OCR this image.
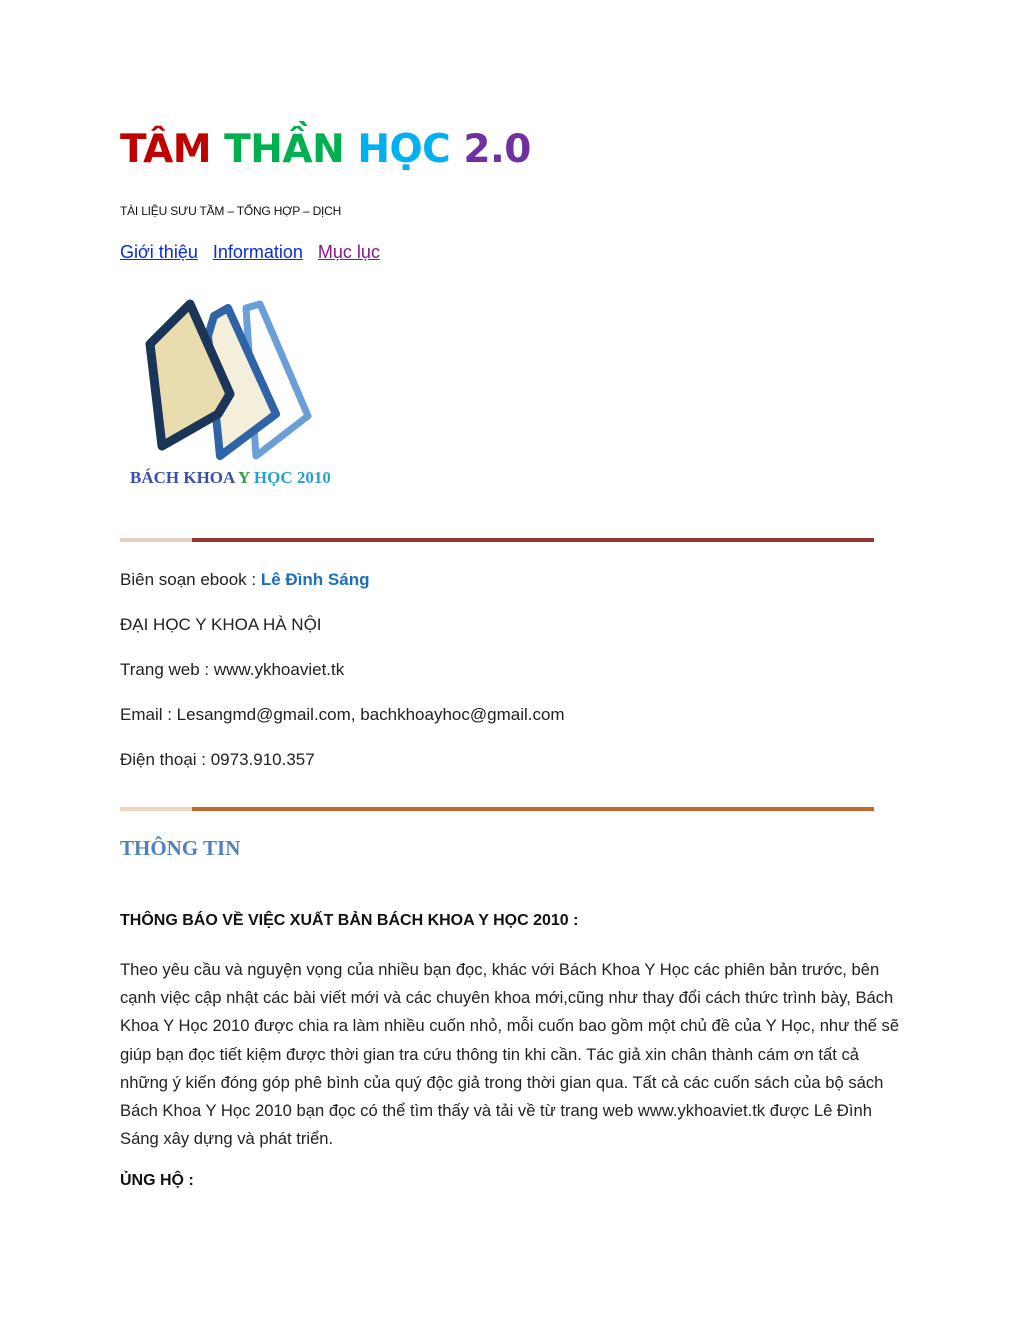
TÂM THẦN HỌC 2.0
TÀI LIỆU SƯU TẦM – TỔNG HỢP – DỊCH
Giới thiệu Information Mục lục
BÁCH KHOA Y HỌC 2010
Biên soạn ebook : Lê Đình Sáng
ĐẠI HỌC Y KHOA HÀ NỘI
Trang web : www.ykhoaviet.tk
Email : Lesangmd@gmail.com, bachkhoayhoc@gmail.com
Điện thoại : 0973.910.357
THÔNG TIN
THÔNG BÁO VỀ VIỆC XUẤT BẢN BÁCH KHOA Y HỌC 2010 :

Theo yêu cầu và nguyện vọng của nhiều bạn đọc, khác với Bách Khoa Y Học các phiên bản trước, bên cạnh việc cập nhật các bài viết mới và các chuyên khoa mới,cũng như thay đổi cách thức trình bày, Bách Khoa Y Học 2010 được chia ra làm nhiều cuốn nhỏ, mỗi cuốn bao gồm một chủ đề của Y Học, như thế sẽ giúp bạn đọc tiết kiệm được thời gian tra cứu thông tin khi cần. Tác giả xin chân thành cám ơn tất cả những ý kiến đóng góp phê bình của quý độc giả trong thời gian qua. Tất cả các cuốn sách của bộ sách Bách Khoa Y Học 2010 bạn đọc có thể tìm thấy và tải về từ trang web www.ykhoaviet.tk được Lê Đình Sáng xây dựng và phát triển.

ỦNG HỘ :
